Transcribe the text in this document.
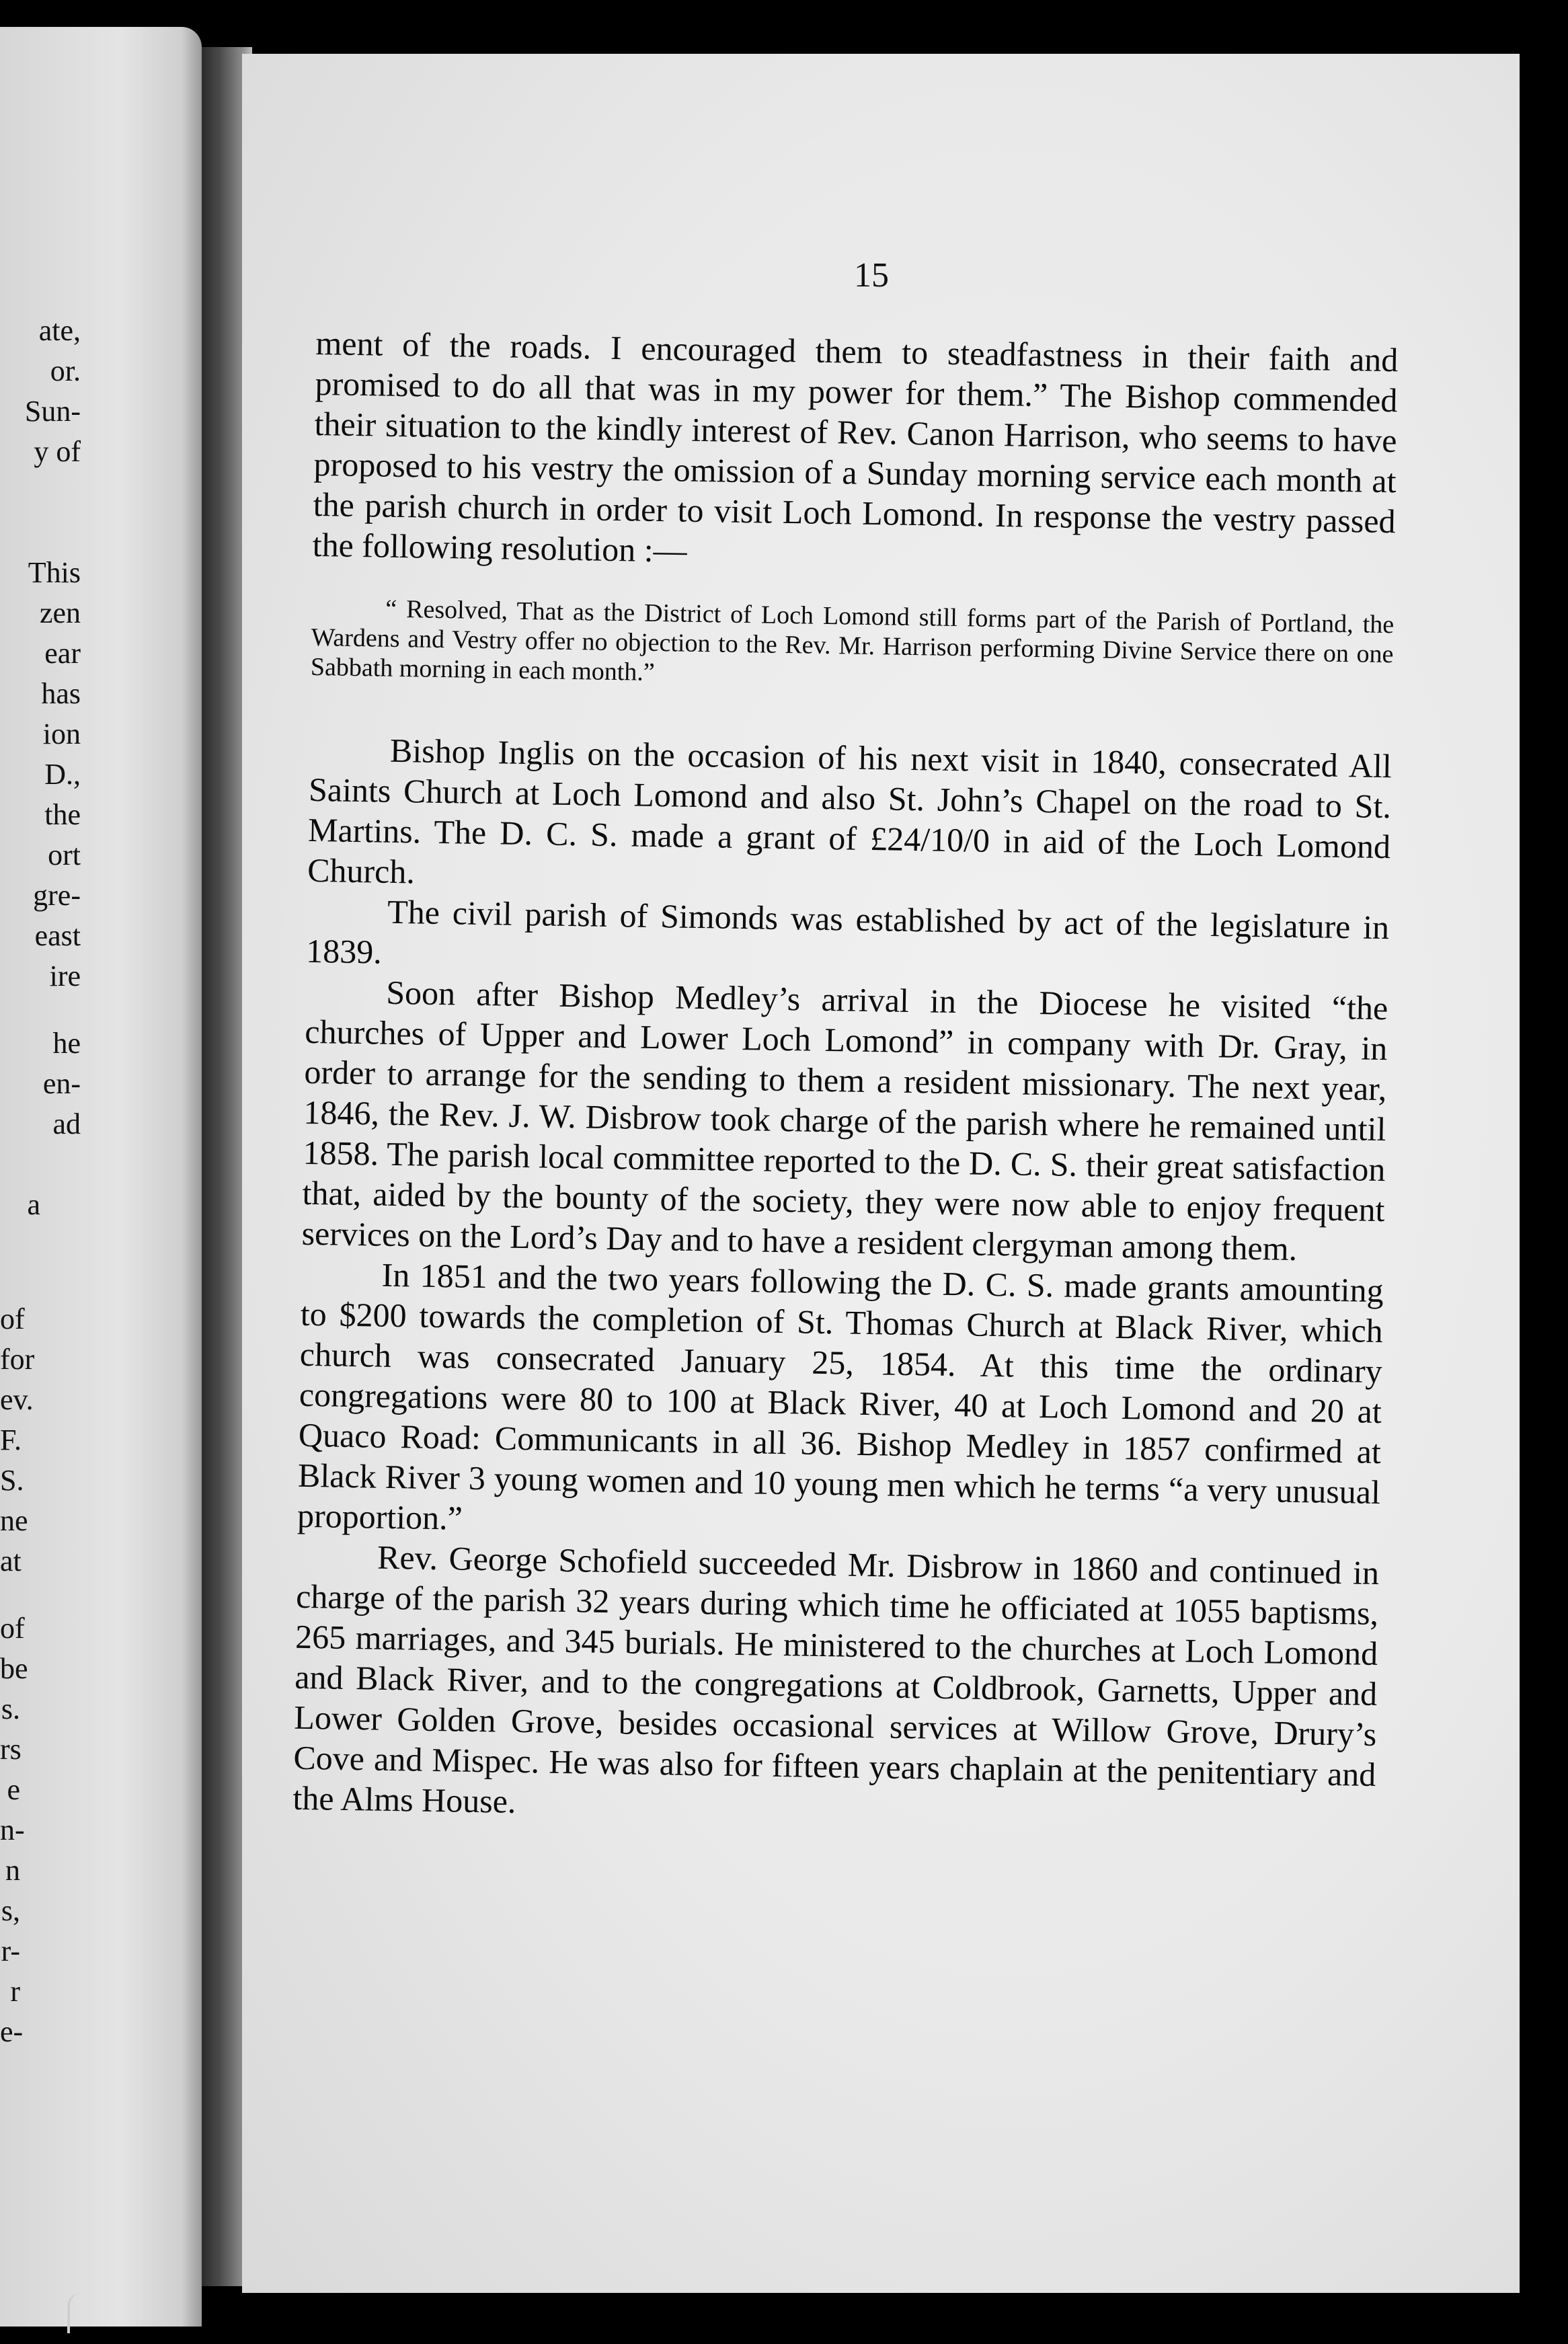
ate,
or.
Sun-
y of
This
zen
ear
has
ion
D.,
the
ort
gre-
east
ire
he
en-
ad
a
of
for
ev.
F.
S.
ne
at
of
be
s.
rs
e
n-
n
s,
r-
r
e-
15

ment of the roads. I encouraged them to steadfastness in their faith and promised to do all that was in my power for them.” The Bishop commended their situation to the kindly interest of Rev. Canon Harrison, who seems to have proposed to his vestry the omission of a Sunday morning service each month at the parish church in order to visit Loch Lomond. In response the vestry passed the following resolution :—

“ Resolved, That as the District of Loch Lomond still forms part of the Parish of Portland, the Wardens and Vestry offer no objection to the Rev. Mr. Harrison performing Divine Service there on one Sabbath morning in each month.”

Bishop Inglis on the occasion of his next visit in 1840, consecrated All Saints Church at Loch Lomond and also St. John’s Chapel on the road to St. Martins. The D. C. S. made a grant of £24/10/0 in aid of the Loch Lomond Church.

The civil parish of Simonds was established by act of the legislature in 1839.

Soon after Bishop Medley’s arrival in the Diocese he visited “the churches of Upper and Lower Loch Lomond” in company with Dr. Gray, in order to arrange for the sending to them a resident missionary. The next year, 1846, the Rev. J. W. Disbrow took charge of the parish where he remained until 1858. The parish local committee reported to the D. C. S. their great satisfaction that, aided by the bounty of the society, they were now able to enjoy frequent services on the Lord’s Day and to have a resident clergyman among them.

In 1851 and the two years following the D. C. S. made grants amounting to $200 towards the completion of St. Thomas Church at Black River, which church was consecrated January 25, 1854. At this time the ordinary congregations were 80 to 100 at Black River, 40 at Loch Lomond and 20 at Quaco Road: Communicants in all 36. Bishop Medley in 1857 confirmed at Black River 3 young women and 10 young men which he terms “a very unusual proportion.”

Rev. George Schofield succeeded Mr. Disbrow in 1860 and continued in charge of the parish 32 years during which time he officiated at 1055 baptisms, 265 marriages, and 345 burials. He ministered to the churches at Loch Lomond and Black River, and to the congregations at Coldbrook, Garnetts, Upper and Lower Golden Grove, besides occasional services at Willow Grove, Drury’s Cove and Mispec. He was also for fifteen years chaplain at the penitentiary and the Alms House.
